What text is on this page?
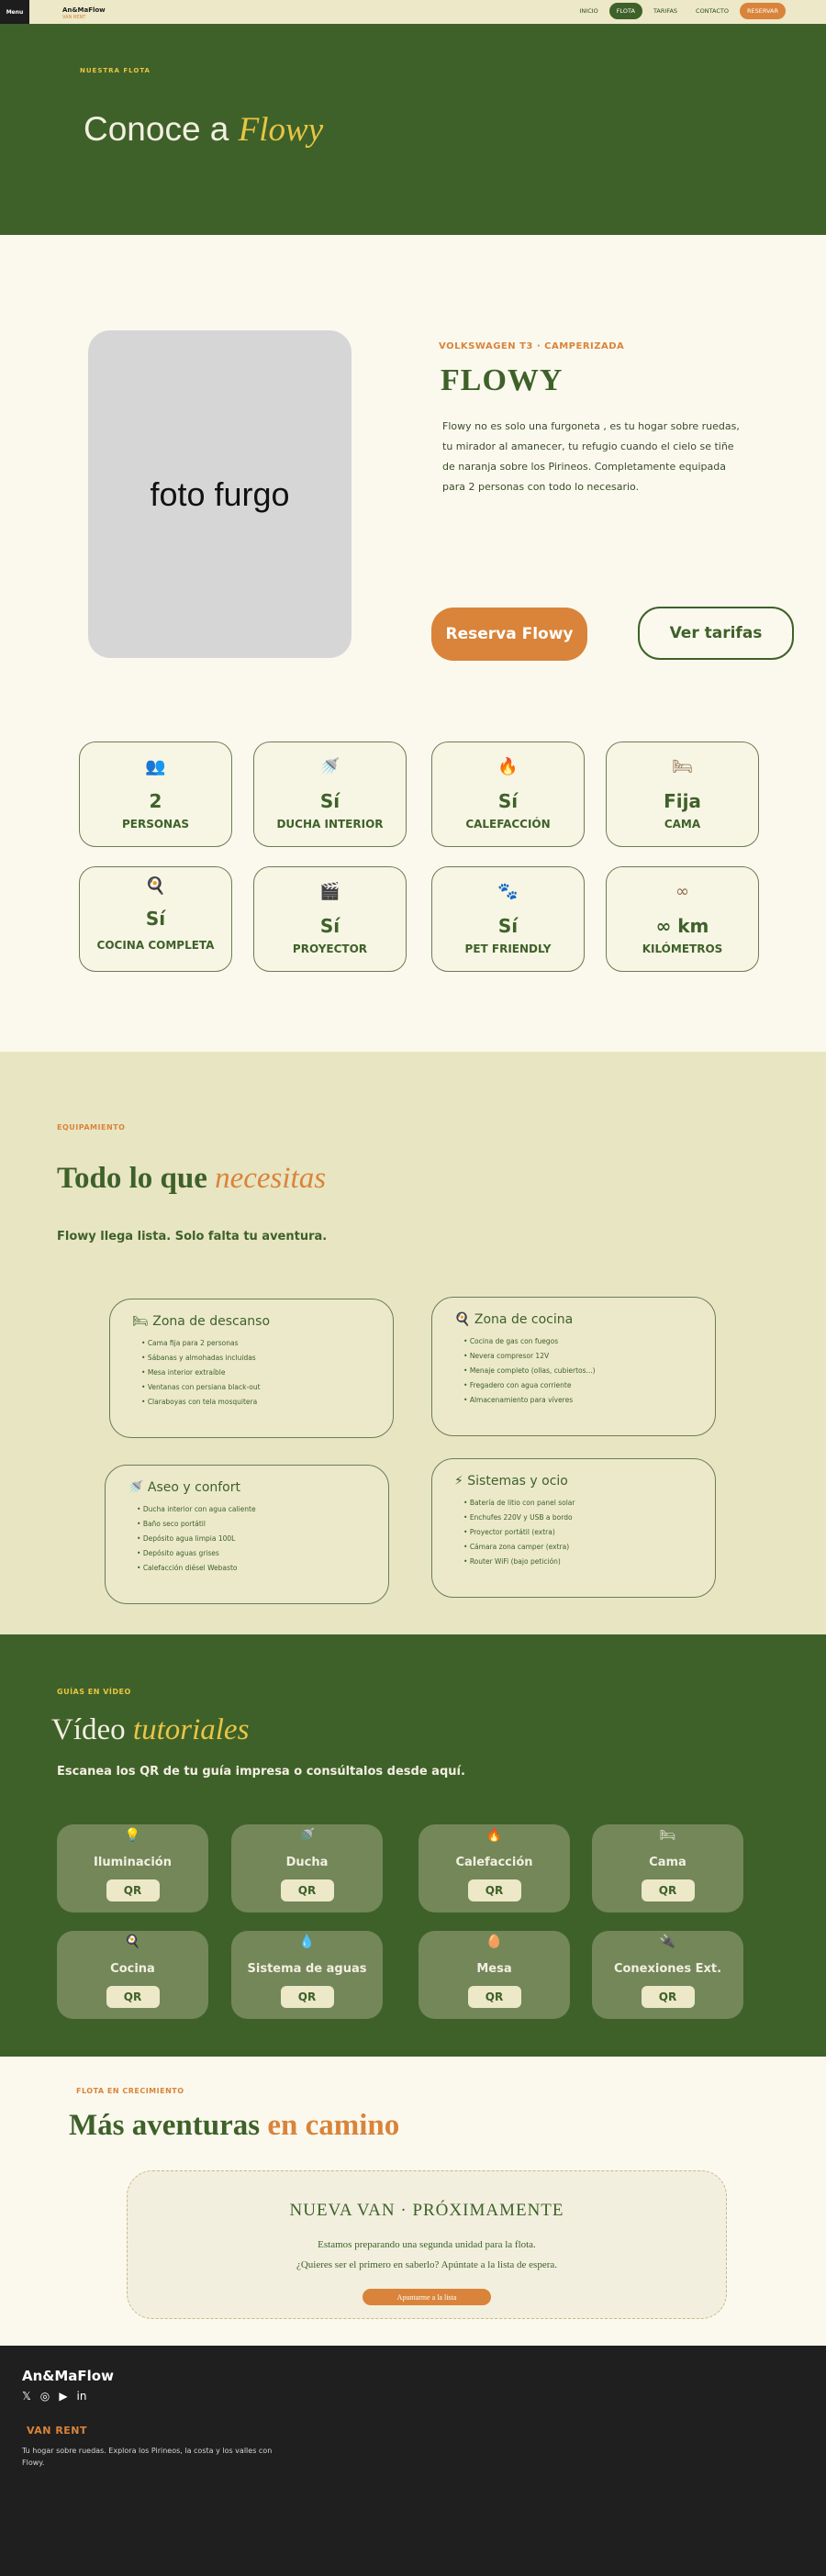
Menu	An&MaFlow
VAN RENT
INICIO	FLOTA	TARIFAS	CONTACTO	RESERVAR
NUESTRA FLOTA
Conoce a Flowy
foto furgo
VOLKSWAGEN T3 · CAMPERIZADA
FLOWY
Flowy no es solo una furgoneta , es tu hogar sobre ruedas, tu mirador al amanecer, tu refugio cuando el cielo se tiñe de naranja sobre los Pirineos. Completamente equipada para 2 personas con todo lo necesario.
Reserva Flowy	Ver tarifas
👥
2
PERSONAS
🚿
Sí
DUCHA INTERIOR
🔥
Sí
CALEFACCIÓN
🛏
Fija
CAMA
🍳
Sí
COCINA COMPLETA
🎬
Sí
PROYECTOR
🐾
Sí
PET FRIENDLY
∞
∞ km
KILÓMETROS
EQUIPAMIENTO
Todo lo que necesitas
Flowy llega lista. Solo falta tu aventura.
🛏 Zona de descanso
• Cama fija para 2 personas
• Sábanas y almohadas incluidas
• Mesa interior extraíble
• Ventanas con persiana black-out
• Claraboyas con tela mosquitera
🍳 Zona de cocina
• Cocina de gas con fuegos
• Nevera compresor 12V
• Menaje completo (ollas, cubiertos...)
• Fregadero con agua corriente
• Almacenamiento para víveres
🚿 Aseo y confort
• Ducha interior con agua caliente
• Baño seco portátil
• Depósito agua limpia 100L
• Depósito aguas grises
• Calefacción diésel Webasto
⚡ Sistemas y ocio
• Batería de litio con panel solar
• Enchufes 220V y USB a bordo
• Proyector portátil (extra)
• Cámara zona camper (extra)
• Router WiFi (bajo petición)
GUÍAS EN VÍDEO
Vídeo tutoriales
Escanea los QR de tu guía impresa o consúltalos desde aquí.
💡
Iluminación
QR
🚿
Ducha
QR
🔥
Calefacción
QR
🛏
Cama
QR
🍳
Cocina
QR
💧
Sistema de aguas
QR
🥚
Mesa
QR
🔌
Conexiones Ext.
QR
FLOTA EN CRECIMIENTO
Más aventuras en camino
NUEVA VAN · PRÓXIMAMENTE
Estamos preparando una segunda unidad para la flota.
¿Quieres ser el primero en saberlo? Apúntate a la lista de espera.
Apuntarme a la lista
An&MaFlow
𝕏 ◎ ▶ in
VAN RENT
Tu hogar sobre ruedas. Explora los Pirineos, la costa y los valles con Flowy.
